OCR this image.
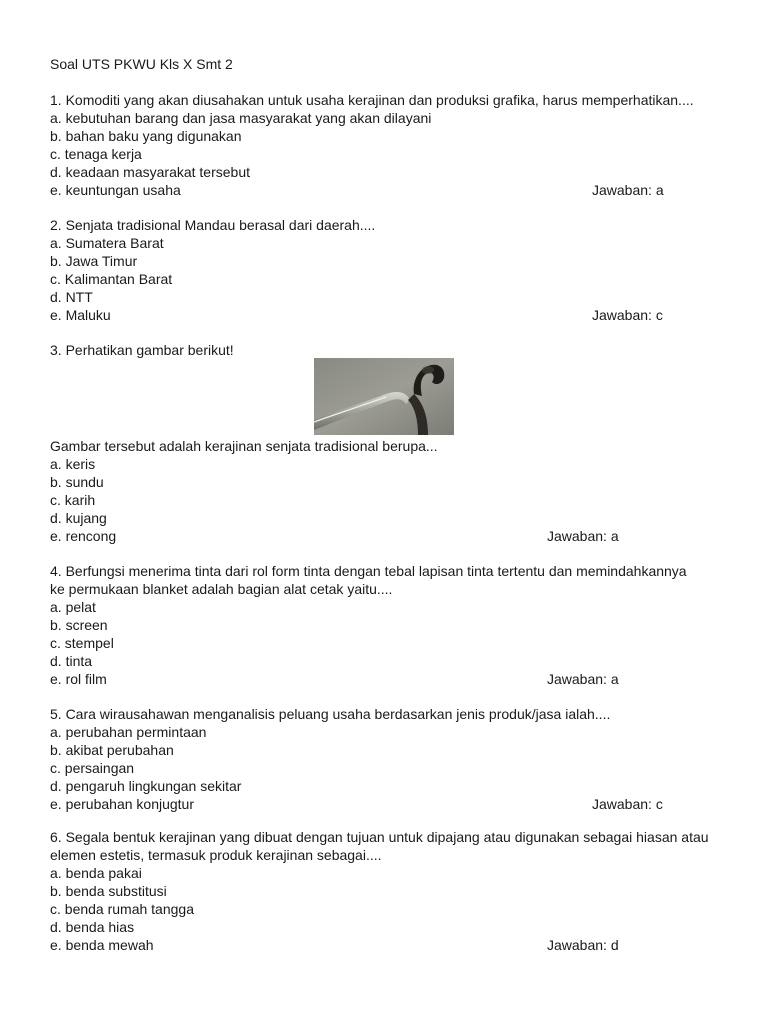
Soal UTS PKWU Kls X Smt 2
1. Komoditi yang akan diusahakan untuk usaha kerajinan dan produksi grafika, harus memperhatikan....
a. kebutuhan barang dan jasa masyarakat yang akan dilayani
b. bahan baku yang digunakan
c. tenaga kerja
d. keadaan masyarakat tersebut
e. keuntungan usaha	Jawaban: a
2. Senjata tradisional Mandau berasal dari daerah....
a. Sumatera Barat
b. Jawa Timur
c. Kalimantan Barat
d. NTT
e. Maluku	Jawaban: c
3. Perhatikan gambar berikut!
Gambar tersebut adalah kerajinan senjata tradisional berupa...
a. keris
b. sundu
c. karih
d. kujang
e. rencong	Jawaban: a
4. Berfungsi menerima tinta dari rol form tinta dengan tebal lapisan tinta tertentu dan memindahkannya
ke permukaan blanket adalah bagian alat cetak yaitu....
a. pelat
b. screen
c. stempel
d. tinta
e. rol film	Jawaban: a
5. Cara wirausahawan menganalisis peluang usaha berdasarkan jenis produk/jasa ialah....
a. perubahan permintaan
b. akibat perubahan
c. persaingan
d. pengaruh lingkungan sekitar
e. perubahan konjugtur	Jawaban: c
6. Segala bentuk kerajinan yang dibuat dengan tujuan untuk dipajang atau digunakan sebagai hiasan atau
elemen estetis, termasuk produk kerajinan sebagai....
a. benda pakai
b. benda substitusi
c. benda rumah tangga
d. benda hias
e. benda mewah	Jawaban: d
